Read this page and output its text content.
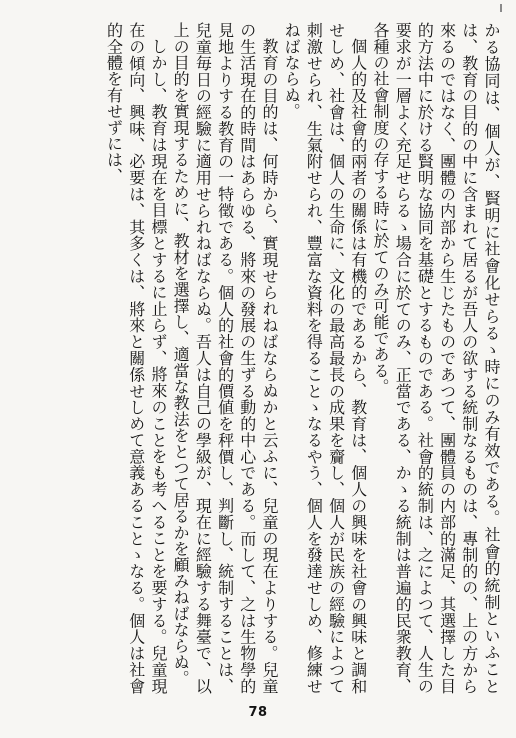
かる協同は、個人が、賢明に社會化せらるゝ時にのみ有效である。社會的統制といふことは、教育の目的の中に含まれて居るが吾人の欲する統制なるものは、專制的の、上の方から來るのではなく、團體の内部から生じたものであつて、團體員の内部的滿足、其選擇した目的方法中に於ける賢明な協同を基礎とするものである。社會的統制は、之によつて、人生の要求が一層よく充足せらるゝ場合に於てのみ、正當である、かゝる統制は普遍的民衆教育、各種の社會制度の存する時に於てのみ可能である。

個人的及社會的兩者の關係は有機的であるから、教育は、個人の興味を社會の興味と調和せしめ、社會は、個人の生命に、文化の最高最長の成果を齎し、個人が民族の經驗によつて刺激せられ、生氣附せられ、豐富な資料を得ることゝなるやう、個人を發達せしめ、修練せねばならぬ。

教育の目的は、何時から、實現せられねばならぬかと云ふに、兒童の現在よりする。兒童の生活現在的時間はあらゆる、將來の發展の生ずる動的中心である。而して、之は生物學的見地よりする教育の一特徵である。個人的社會的價値を秤價し、判斷し、統制することは、兒童毎日の經驗に適用せられねばならぬ。吾人は自己の學級が、現在に經驗する舞臺で、以上の目的を實現するために、教材を選擇し、適當な教法をとつて居るかを顧みねばならぬ。

しかし、教育は現在を目標とするに止らず、將來のことをも考へることを要する。兒童現在の傾向、興味、必要は、其多くは、將來と關係せしめて意義あることゝなる。個人は社會的全體を有せずには、

78
